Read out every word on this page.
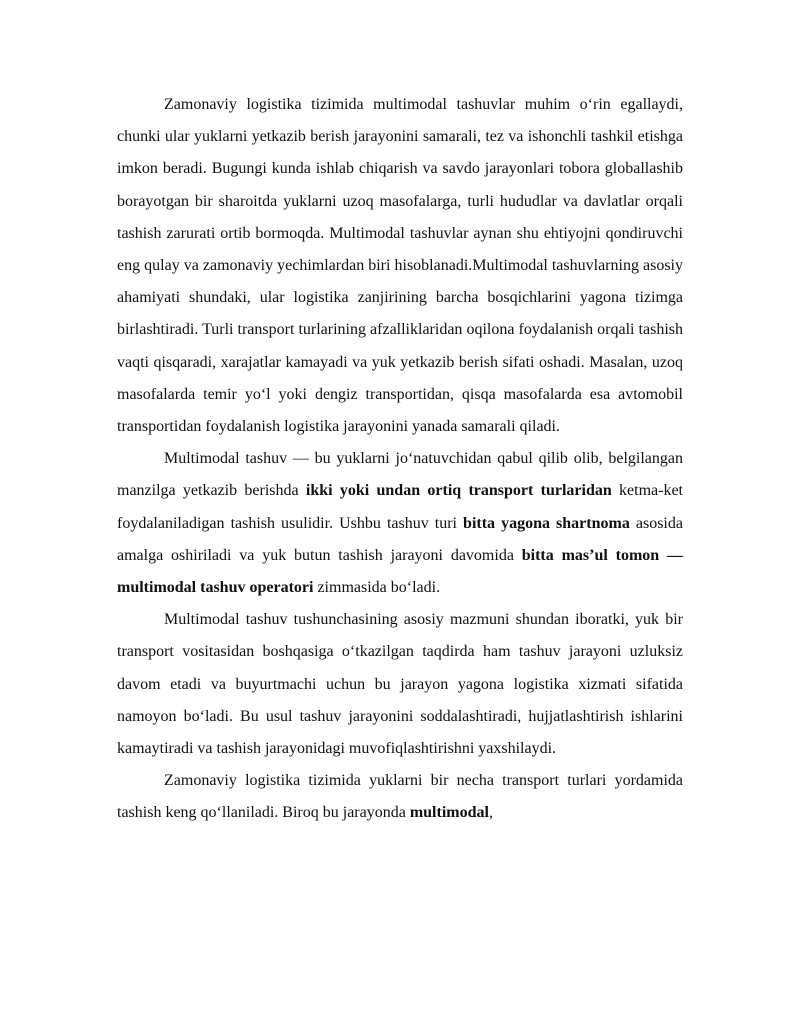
Zamonaviy logistika tizimida multimodal tashuvlar muhim o‘rin egallaydi, chunki ular yuklarni yetkazib berish jarayonini samarali, tez va ishonchli tashkil etishga imkon beradi. Bugungi kunda ishlab chiqarish va savdo jarayonlari tobora globallashib borayotgan bir sharoitda yuklarni uzoq masofalarga, turli hududlar va davlatlar orqali tashish zarurati ortib bormoqda. Multimodal tashuvlar aynan shu ehtiyojni qondiruvchi eng qulay va zamonaviy yechimlardan biri hisoblanadi.Multimodal tashuvlarning asosiy ahamiyati shundaki, ular logistika zanjirining barcha bosqichlarini yagona tizimga birlashtiradi. Turli transport turlarining afzalliklaridan oqilona foydalanish orqali tashish vaqti qisqaradi, xarajatlar kamayadi va yuk yetkazib berish sifati oshadi. Masalan, uzoq masofalarda temir yo‘l yoki dengiz transportidan, qisqa masofalarda esa avtomobil transportidan foydalanish logistika jarayonini yanada samarali qiladi.

Multimodal tashuv — bu yuklarni jo‘natuvchidan qabul qilib olib, belgilangan manzilga yetkazib berishda ikki yoki undan ortiq transport turlaridan ketma-ket foydalaniladigan tashish usulidir. Ushbu tashuv turi bitta yagona shartnoma asosida amalga oshiriladi va yuk butun tashish jarayoni davomida bitta mas’ul tomon — multimodal tashuv operatori zimmasida bo‘ladi.

Multimodal tashuv tushunchasining asosiy mazmuni shundan iboratki, yuk bir transport vositasidan boshqasiga o‘tkazilgan taqdirda ham tashuv jarayoni uzluksiz davom etadi va buyurtmachi uchun bu jarayon yagona logistika xizmati sifatida namoyon bo‘ladi. Bu usul tashuv jarayonini soddalashtiradi, hujjatlashtirish ishlarini kamaytiradi va tashish jarayonidagi muvofiqlashtirishni yaxshilaydi.

Zamonaviy logistika tizimida yuklarni bir necha transport turlari yordamida tashish keng qo‘llaniladi. Biroq bu jarayonda multimodal,
